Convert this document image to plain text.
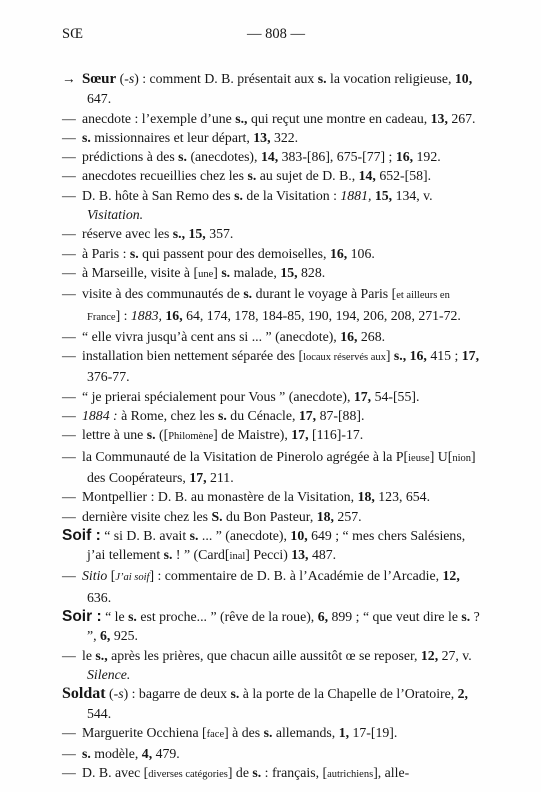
SŒ	— 808 —
→ Sœur (-s) : comment D. B. présentait aux s. la vocation religieuse, 10, 647.
— anecdote : l’exemple d’une s., qui reçut une montre en cadeau, 13, 267.
— s. missionnaires et leur départ, 13, 322.
— prédictions à des s. (anecdotes), 14, 383-[86], 675-[77] ; 16, 192.
— anecdotes recueillies chez les s. au sujet de D. B., 14, 652-[58].
— D. B. hôte à San Remo des s. de la Visitation : 1881, 15, 134, v. Visitation.
— réserve avec les s., 15, 357.
— à Paris : s. qui passent pour des demoiselles, 16, 106.
— à Marseille, visite à [une] s. malade, 15, 828.
— visite à des communautés de s. durant le voyage à Paris [et ailleurs en France] : 1883, 16, 64, 174, 178, 184-85, 190, 194, 206, 208, 271-72.
— “ elle vivra jusqu’à cent ans si ... ” (anecdote), 16, 268.
— installation bien nettement séparée des [locaux réservés aux] s., 16, 415 ; 17, 376-77.
— “ je prierai spécialement pour Vous ” (anecdote), 17, 54-[55].
— 1884 : à Rome, chez les s. du Cénacle, 17, 87-[88].
— lettre à une s. ([Philomène] de Maistre), 17, [116]-17.
— la Communauté de la Visitation de Pinerolo agrégée à la P[ieuse] U[nion] des Coopérateurs, 17, 211.
— Montpellier : D. B. au monastère de la Visitation, 18, 123, 654.
— dernière visite chez les S. du Bon Pasteur, 18, 257.
Soif : “ si D. B. avait s. ... ” (anecdote), 10, 649 ; “ mes chers Salésiens, j’ai tellement s. ! ” (Card[inal] Pecci) 13, 487.
— Sitio [J’ai soif] : commentaire de D. B. à l’Académie de l’Arcadie, 12, 636.
Soir : “ le s. est proche... ” (rêve de la roue), 6, 899 ; “ que veut dire le s. ? ”, 6, 925.
— le s., après les prières, que chacun aille aussitôt œ se reposer, 12, 27, v. Silence.
Soldat (-s) : bagarre de deux s. à la porte de la Chapelle de l’Oratoire, 2, 544.
— Marguerite Occhiena [face] à des s. allemands, 1, 17-[19].
— s. modèle, 4, 479.
— D. B. avec [diverses catégories] de s. : français, [autrichiens], alle-
